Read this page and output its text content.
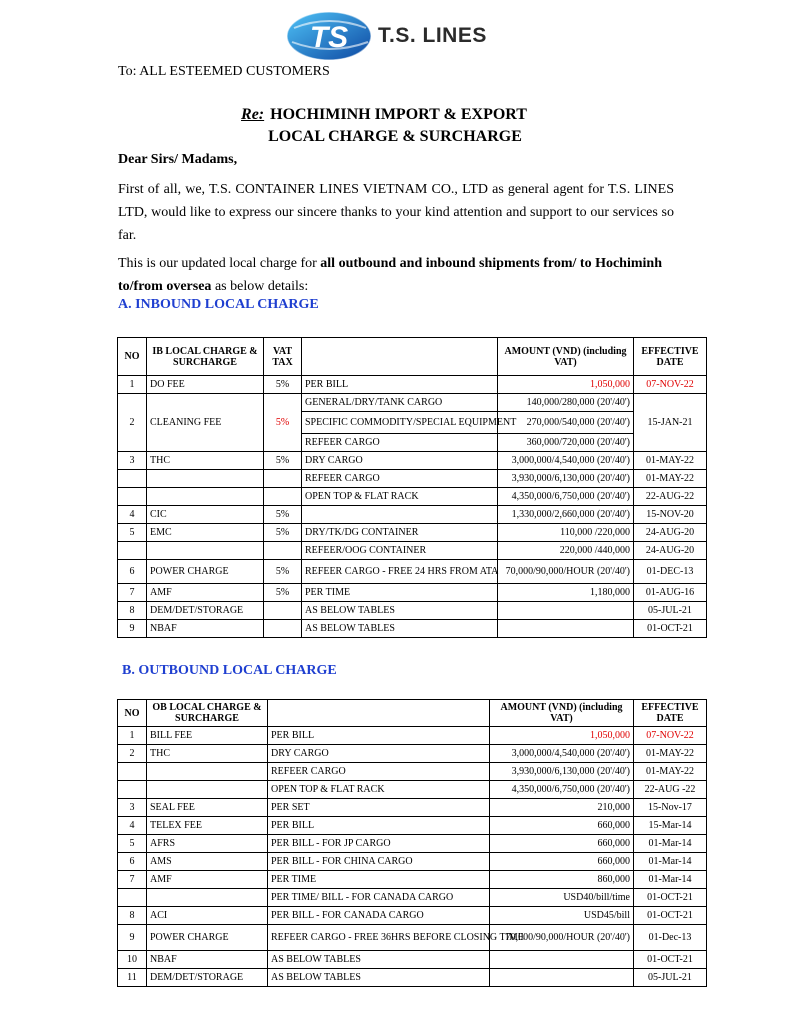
TS T.S. LINES
To: ALL ESTEEMED CUSTOMERS
Re: HOCHIMINH IMPORT & EXPORT
LOCAL CHARGE & SURCHARGE
Dear Sirs/ Madams,
First of all, we, T.S. CONTAINER LINES VIETNAM CO., LTD as general agent for T.S. LINES LTD, would like to express our sincere thanks to your kind attention and support to our services so far.
This is our updated local charge for all outbound and inbound shipments from/ to Hochiminh to/from oversea as below details:
A. INBOUND LOCAL CHARGE
NO	IB LOCAL CHARGE & SURCHARGE	VAT TAX		AMOUNT (VND) (including VAT)	EFFECTIVE DATE
1	DO FEE	5%	PER BILL	1,050,000	07-NOV-22
2	CLEANING FEE	5%	GENERAL/DRY/TANK CARGO	140,000/280,000 (20'/40')	15-JAN-21
			SPECIFIC COMMODITY/SPECIAL EQUIPMENT	270,000/540,000 (20'/40')	
			REFEER CARGO	360,000/720,000 (20'/40')	
3	THC	5%	DRY CARGO	3,000,000/4,540,000 (20'/40')	01-MAY-22
			REFEER CARGO	3,930,000/6,130,000 (20'/40')	01-MAY-22
			OPEN TOP & FLAT RACK	4,350,000/6,750,000 (20'/40')	22-AUG-22
4	CIC	5%		1,330,000/2,660,000 (20'/40')	15-NOV-20
5	EMC	5%	DRY/TK/DG CONTAINER	110,000 /220,000	24-AUG-20
			REFEER/OOG CONTAINER	220,000 /440,000	24-AUG-20
6	POWER CHARGE	5%	REFEER CARGO - FREE 24 HRS FROM ATA	70,000/90,000/HOUR (20'/40')	01-DEC-13
7	AMF	5%	PER TIME	1,180,000	01-AUG-16
8	DEM/DET/STORAGE		AS BELOW TABLES		05-JUL-21
9	NBAF		AS BELOW TABLES		01-OCT-21
B. OUTBOUND LOCAL CHARGE
NO	OB LOCAL CHARGE & SURCHARGE		AMOUNT (VND) (including VAT)	EFFECTIVE DATE
1	BILL FEE	PER BILL	1,050,000	07-NOV-22
2	THC	DRY CARGO	3,000,000/4,540,000 (20'/40')	01-MAY-22
		REFEER CARGO	3,930,000/6,130,000 (20'/40')	01-MAY-22
		OPEN TOP & FLAT RACK	4,350,000/6,750,000 (20'/40')	22-AUG -22
3	SEAL FEE	PER SET	210,000	15-Nov-17
4	TELEX FEE	PER BILL	660,000	15-Mar-14
5	AFRS	PER BILL - FOR JP CARGO	660,000	01-Mar-14
6	AMS	PER BILL - FOR CHINA CARGO	660,000	01-Mar-14
7	AMF	PER TIME	860,000	01-Mar-14
		PER TIME/ BILL - FOR CANADA CARGO	USD40/bill/time	01-OCT-21
8	ACI	PER BILL - FOR CANADA CARGO	USD45/bill	01-OCT-21
9	POWER CHARGE	REFEER CARGO - FREE 36HRS BEFORE CLOSING TIME	70,000/90,000/HOUR (20'/40')	01-Dec-13
10	NBAF	AS BELOW TABLES		01-OCT-21
11	DEM/DET/STORAGE	AS BELOW TABLES		05-JUL-21
